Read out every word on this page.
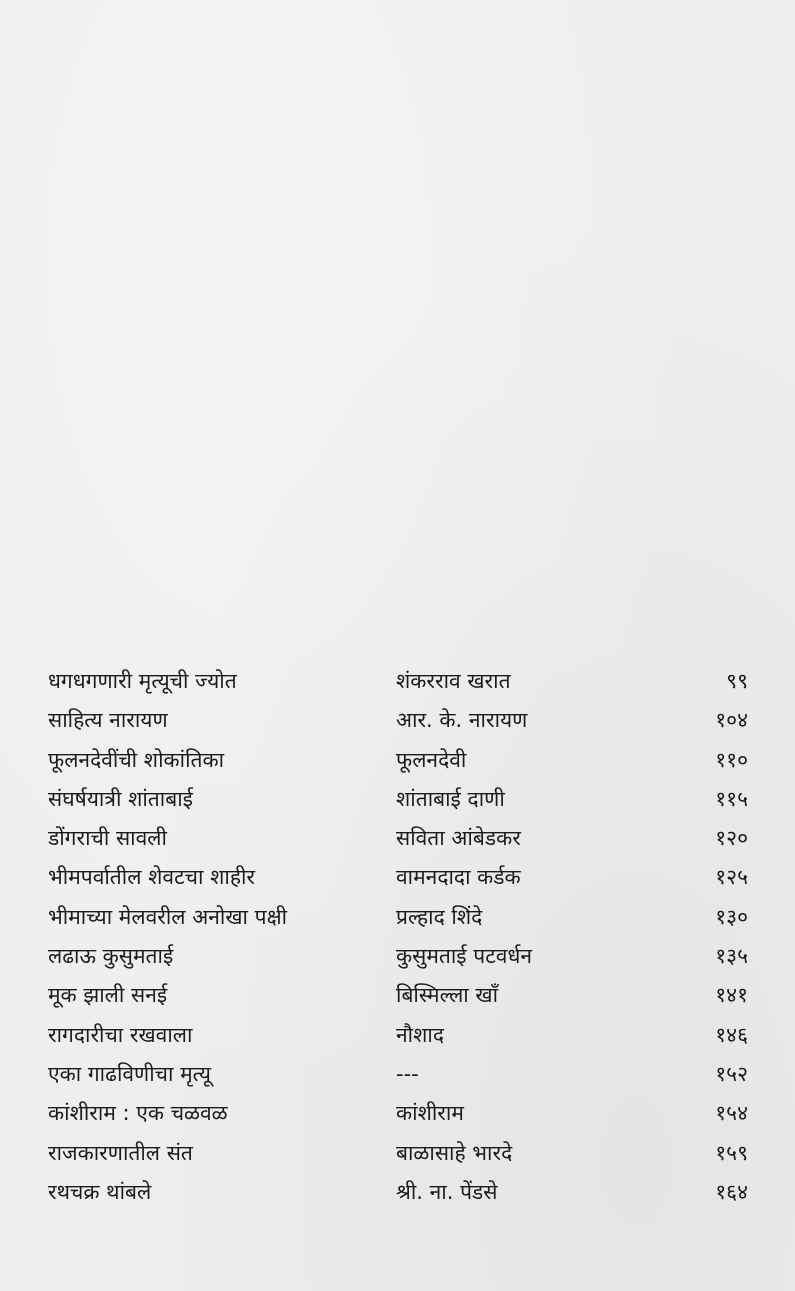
धगधगणारी मृत्यूची ज्योत	शंकरराव खरात	९९
साहित्य नारायण	आर. के. नारायण	१०४
फूलनदेवींची शोकांतिका	फूलनदेवी	११०
संघर्षयात्री शांताबाई	शांताबाई दाणी	११५
डोंगराची सावली	सविता आंबेडकर	१२०
भीमपर्वातील शेवटचा शाहीर	वामनदादा कर्डक	१२५
भीमाच्या मेलवरील अनोखा पक्षी	प्रल्हाद शिंदे	१३०
लढाऊ कुसुमताई	कुसुमताई पटवर्धन	१३५
मूक झाली सनई	बिस्मिल्ला खाँ	१४१
रागदारीचा रखवाला	नौशाद	१४६
एका गाढविणीचा मृत्यू	---	१५२
कांशीराम : एक चळवळ	कांशीराम	१५४
राजकारणातील संत	बाळासाहे भारदे	१५९
रथचक्र थांबले	श्री. ना. पेंडसे	१६४
